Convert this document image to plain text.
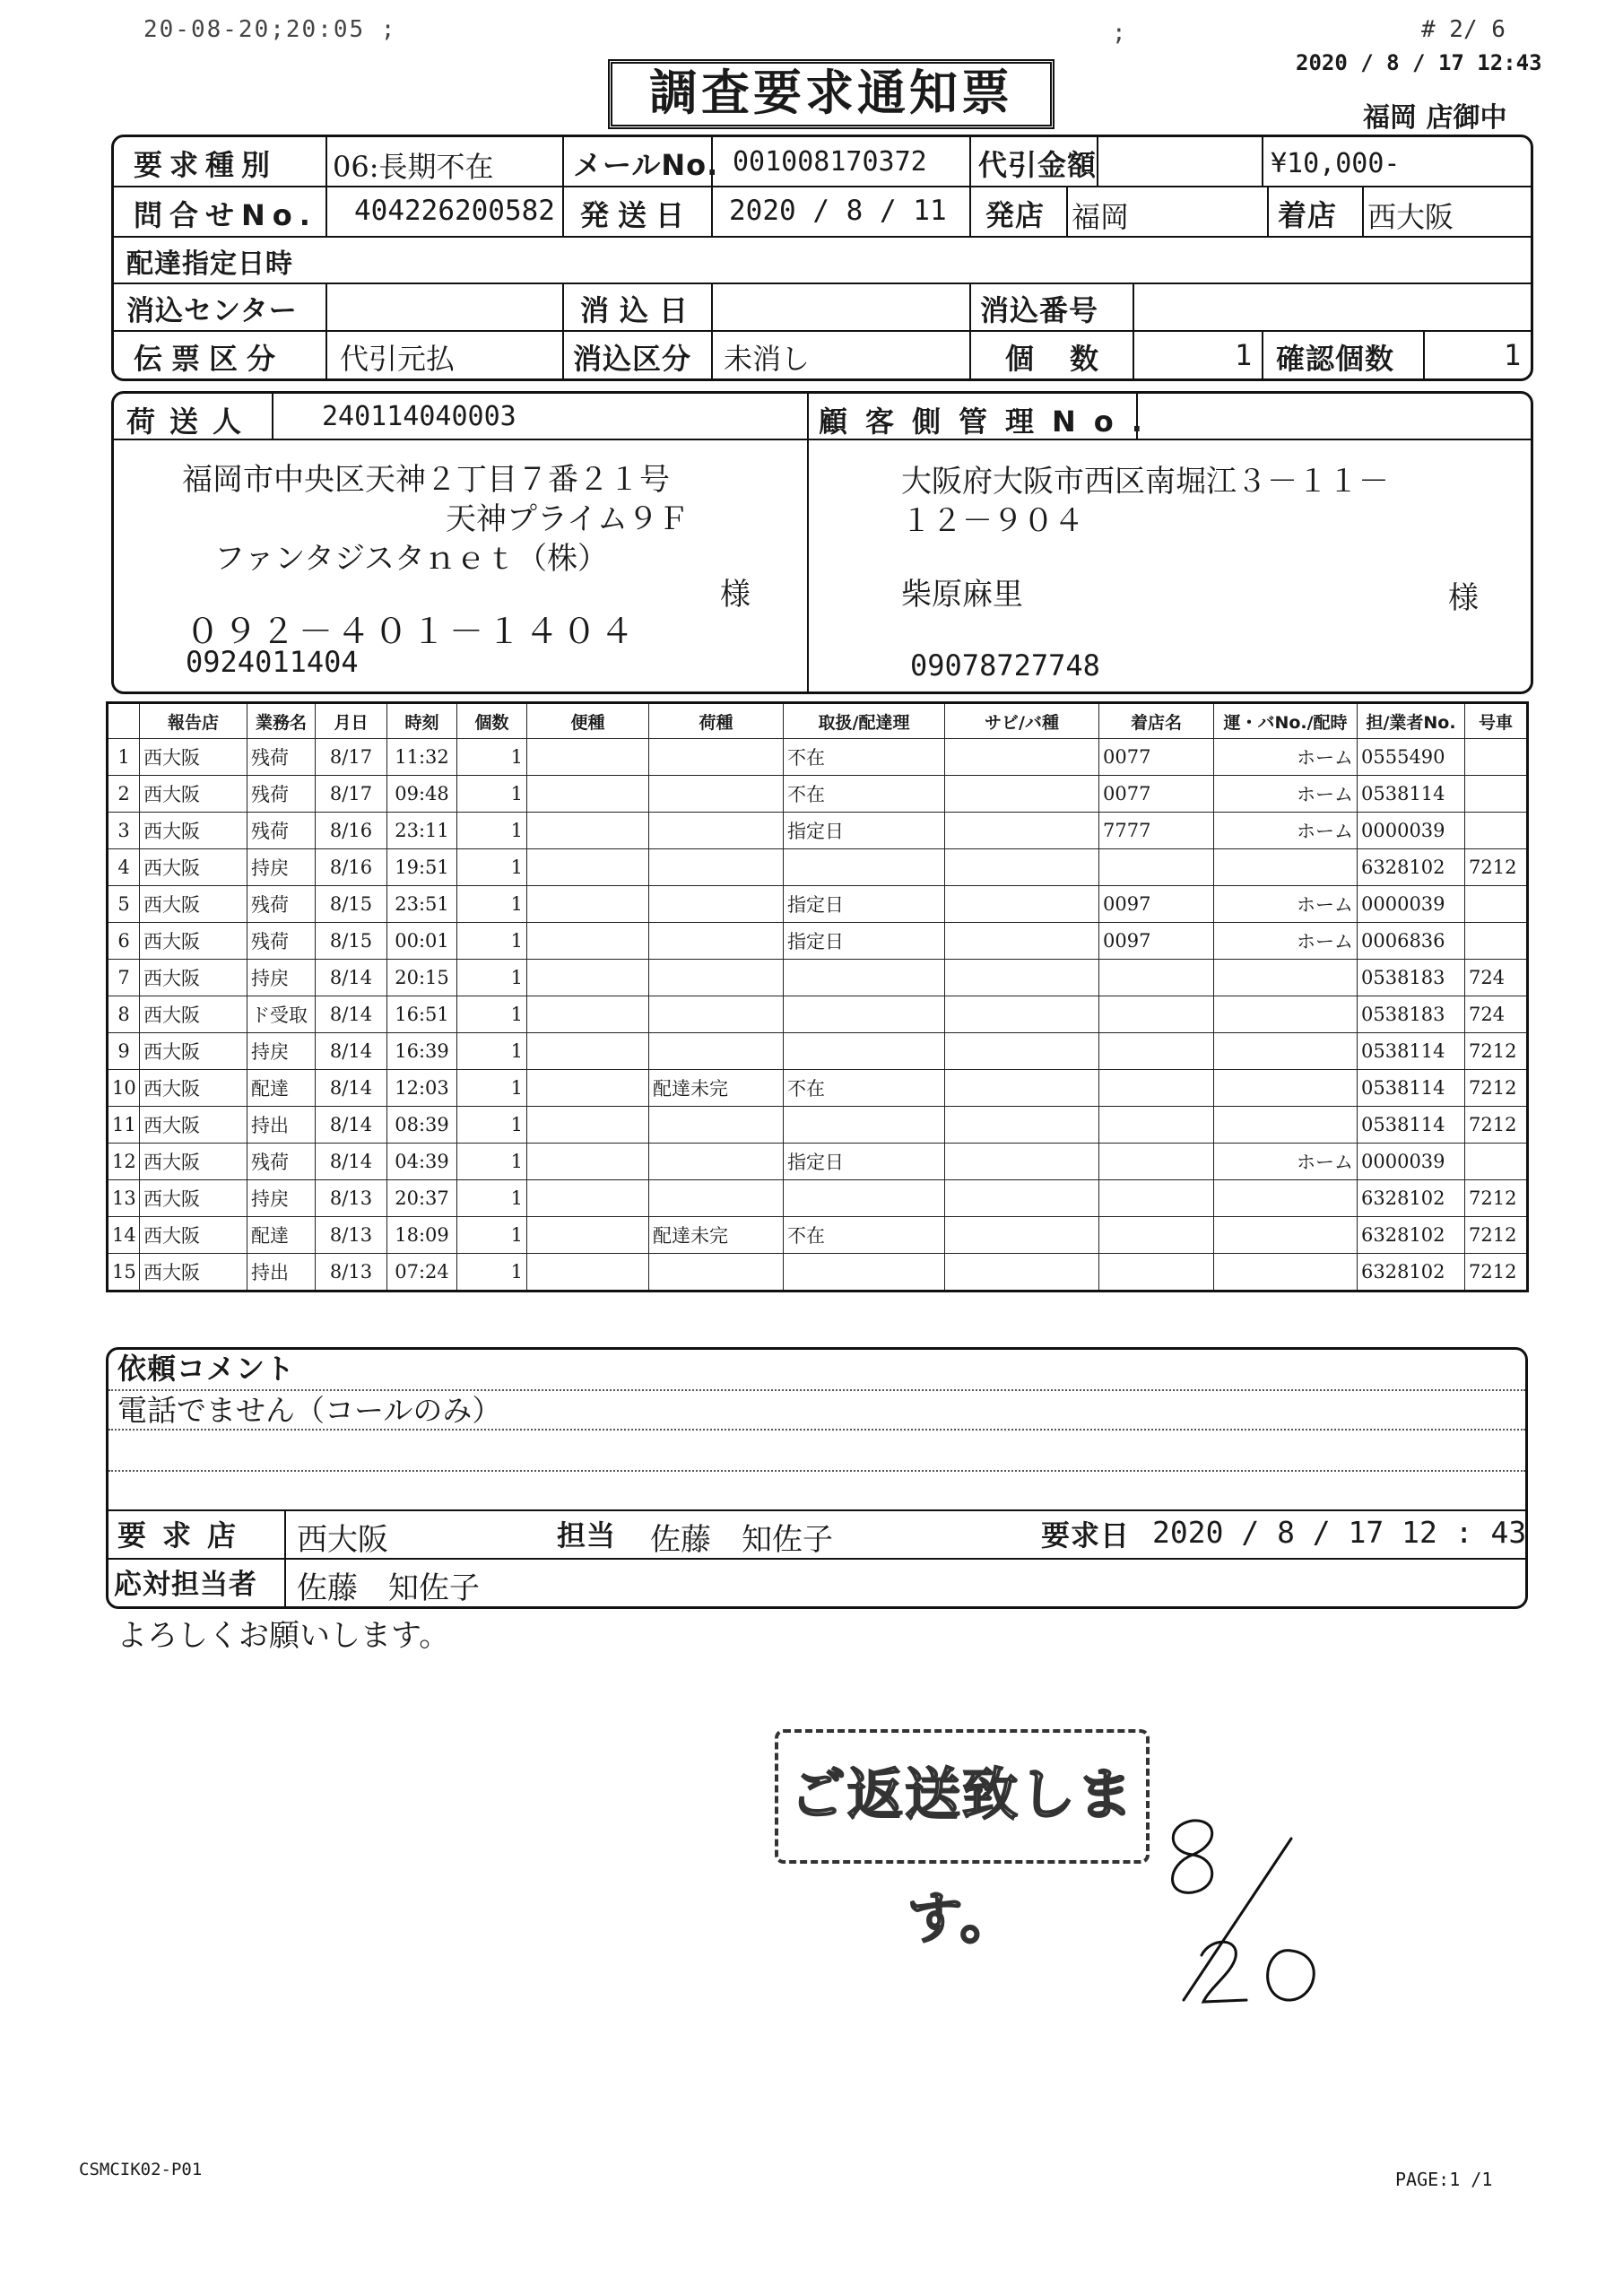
20-08-20;20:05 ;	;	# 2/ 6
2020 / 8 / 17 12:43
調査要求通知票	福岡 店御中
要求種別 06:長期不在	メールNo. 001008170372 代引金額	¥10,000-
問合せNo. 404226200582 発送日 2020 / 8 / 11 発店 福岡	着店 西大阪
配達指定日時
消込センター	消込日	消込番号
伝票区分 代引元払	消込区分 未消し	個数	1 確認個数	1
荷送人 240114040003	顧客側管理No.
福岡市中央区天神２丁目７番２１号
天神プライム９Ｆ
ファンタジスタｎｅｔ（株）
様
０９２－４０１－１４０４
0924011404
大阪府大阪市西区南堀江３－１１－
１２－９０４
柴原麻里	様
09078727748
	報告店	業務名	月日	時刻	個数	便種	荷種	取扱/配達理	サビ/バ種	着店名	運・バNo./配時	担/業者No.	号車
1	西大阪	残荷	8/17	11:32	1			不在		0077	ホーム	0555490	
2	西大阪	残荷	8/17	09:48	1			不在		0077	ホーム	0538114	
3	西大阪	残荷	8/16	23:11	1			指定日		7777	ホーム	0000039	
4	西大阪	持戻	8/16	19:51	1							6328102	7212
5	西大阪	残荷	8/15	23:51	1			指定日		0097	ホーム	0000039	
6	西大阪	残荷	8/15	00:01	1			指定日		0097	ホーム	0006836	
7	西大阪	持戻	8/14	20:15	1							0538183	724
8	西大阪	ド受取	8/14	16:51	1							0538183	724
9	西大阪	持戻	8/14	16:39	1							0538114	7212
10	西大阪	配達	8/14	12:03	1		配達未完	不在				0538114	7212
11	西大阪	持出	8/14	08:39	1							0538114	7212
12	西大阪	残荷	8/14	04:39	1			指定日			ホーム	0000039	
13	西大阪	持戻	8/13	20:37	1							6328102	7212
14	西大阪	配達	8/13	18:09	1		配達未完	不在				6328102	7212
15	西大阪	持出	8/13	07:24	1							6328102	7212
依頼コメント
電話でません（コールのみ）
要求店 西大阪	担当 佐藤　知佐子	要求日 2020 / 8 / 17 12 : 43
応対担当者 佐藤　知佐子
よろしくお願いします。
ご返送致します。
CSMCIK02-P01	PAGE:1 /1
